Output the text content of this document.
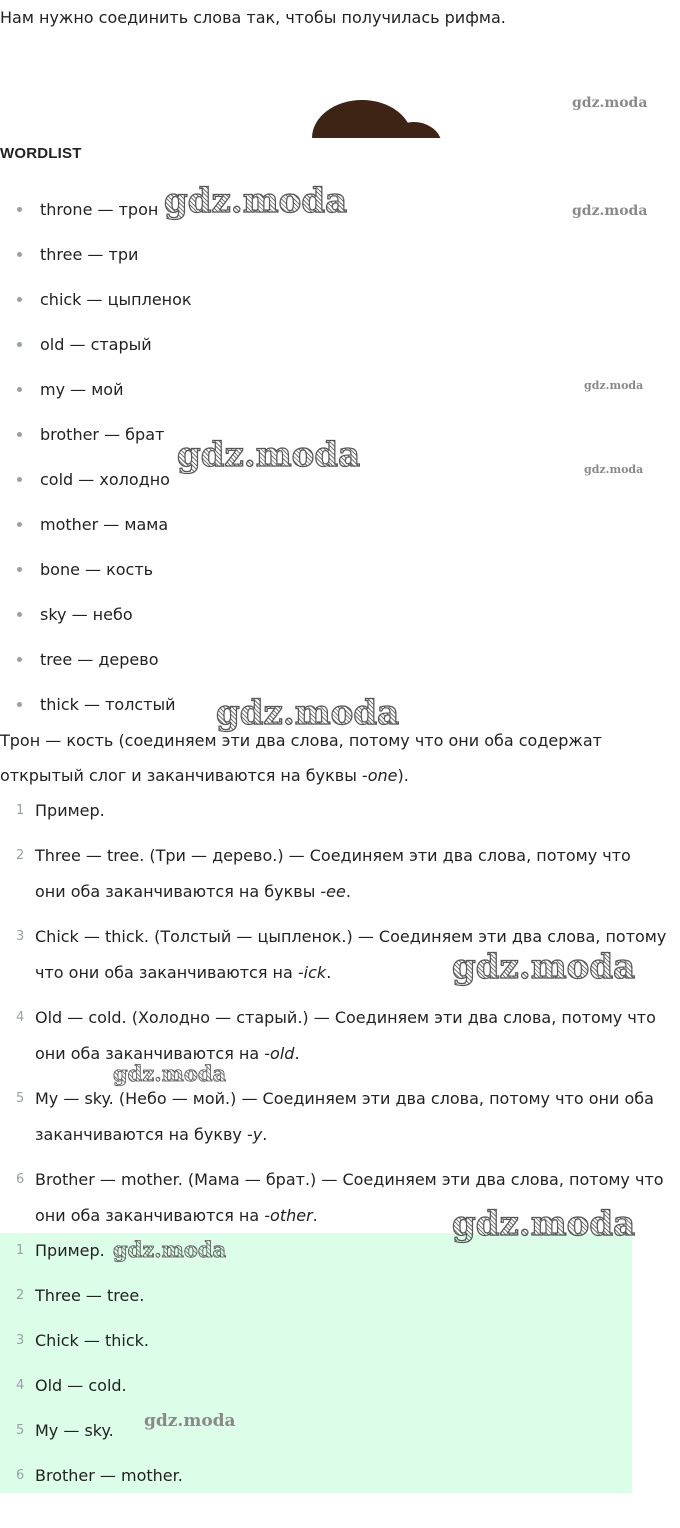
Нам нужно соединить слова так, чтобы получилась рифма.

WORDLIST
throne — трон
three — три
chick — цыпленок
old — старый
my — мой
brother — брат
cold — холодно
mother — мама
bone — кость
sky — небо
tree — дерево
thick — толстый

Трон — кость (соединяем эти два слова, потому что они оба содержат открытый слог и заканчиваются на буквы -one).

1 Пример.
2 Three — tree. (Три — дерево.) — Соединяем эти два слова, потому что они оба заканчиваются на буквы -ee.
3 Chick — thick. (Толстый — цыпленок.) — Соединяем эти два слова, потому что они оба заканчиваются на -ick.
4 Old — cold. (Холодно — старый.) — Соединяем эти два слова, потому что они оба заканчиваются на -old.
5 My — sky. (Небо — мой.) — Соединяем эти два слова, потому что они оба заканчиваются на букву -y.
6 Brother — mother. (Мама — брат.) — Соединяем эти два слова, потому что они оба заканчиваются на -other.
1 Пример.
2 Three — tree.
3 Chick — thick.
4 Old — cold.
5 My — sky.
6 Brother — mother.
gdz.moda
gdz.moda	gdz.moda
gdz.moda
gdz.moda	gdz.moda
gdz.moda
gdz.moda
gdz.moda
gdz.moda
gdz.moda
